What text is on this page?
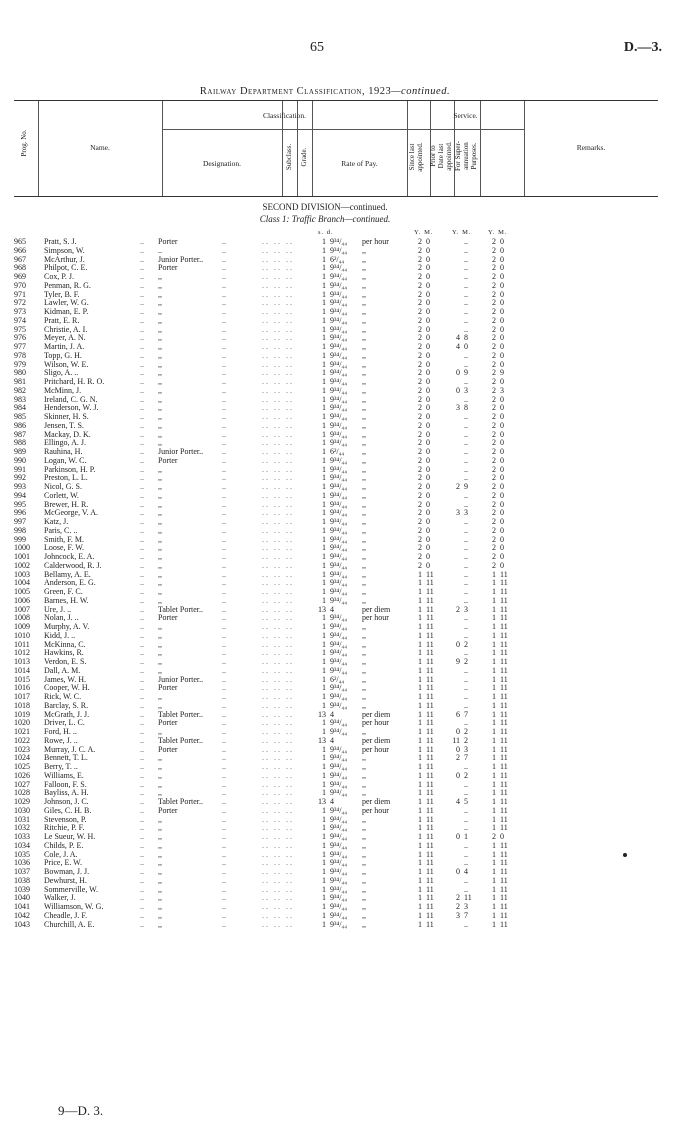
65	D.—3.
Railway Department Classification, 1923—continued.
Prog. No.	Name.
Classification.
Designation.	Subclass. Grade.	Rate of Pay.
Service.
Since last
appointed. Prior to
Date last
appointed. For Super-
annuation
Purposes.	Remarks.
SECOND DIVISION—continued.
Class 1: Traffic Branch—continued.
s. d.	Y. M.	Y. M.	Y. M.
965	Pratt, S. J.	Porter	1 9³⁴/₄₄	per hour	2 0	..	2 0
..	..	.. .. ..
966	Simpson, W.	..	1 9³⁴/₄₄	,,	2 0	..	2 0
..	..	.. .. ..
967	McArthur, J.	Junior Porter..	1 6²/₄₄	,,	2 0	..	2 0
..	..	.. .. ..
968	Philpot, C. E.	Porter	1 9³⁴/₄₄	,,	2 0	..	2 0
..	..	.. .. ..
969	Cox, P. J.	,,	1 9³⁴/₄₄	,,	2 0	..	2 0
..	..	.. .. ..
970	Penman, R. G.	,,	1 9³⁴/₄₄	,,	2 0	..	2 0
..	..	.. .. ..
971	Tyler, B. F.	,,	1 9³⁴/₄₄	,,	2 0	..	2 0
..	..	.. .. ..
972	Lawler, W. G.	,,	1 9³⁴/₄₄	,,	2 0	..	2 0
..	..	.. .. ..
973	Kidman, E. P.	,,	1 9³⁴/₄₄	,,	2 0	..	2 0
..	..	.. .. ..
974	Pratt, E. R.	,,	1 9³⁴/₄₄	,,	2 0	..	2 0
..	..	.. .. ..
975	Christie, A. I.	,,	1 9³⁴/₄₄	,,	2 0	..	2 0
..	..	.. .. ..
976	Meyer, A. N.	,,	1 9³⁴/₄₄	,,	2 0	4 8	2 0
..	..	.. .. ..
977	Martin, J. A.	,,	1 9³⁴/₄₄	,,	2 0	4 0	2 0
..	..	.. .. ..
978	Topp, G. H.	,,	1 9³⁴/₄₄	,,	2 0	..	2 0
..	..	.. .. ..
979	Wilson, W. E.	,,	1 9³⁴/₄₄	,,	2 0	..	2 0
..	..	.. .. ..
980	Sligo, A. ..	,,	1 9³⁴/₄₄	,,	2 0	0 9	2 9
..	..	.. .. ..
981	Pritchard, H. R. O.	,,	1 9³⁴/₄₄	,,	2 0	..	2 0
..	..	.. .. ..
982	McMinn, J.	,,	1 9³⁴/₄₄	,,	2 0	0 3	2 3
..	..	.. .. ..
983	Ireland, C. G. N.	,,	1 9³⁴/₄₄	,,	2 0	..	2 0
..	..	.. .. ..
984	Henderson, W. J.	,,	1 9³⁴/₄₄	,,	2 0	3 8	2 0
..	..	.. .. ..
985	Skinner, H. S.	,,	1 9³⁴/₄₄	,,	2 0	..	2 0
..	..	.. .. ..
986	Jensen, T. S.	,,	1 9³⁴/₄₄	,,	2 0	..	2 0
..	..	.. .. ..
987	Mackay, D. K.	,,	1 9³⁴/₄₄	,,	2 0	..	2 0
..	..	.. .. ..
988	Ellingo, A. J.	,,	1 9³⁴/₄₄	,,	2 0	..	2 0
..	..	.. .. ..
989	Rauhina, H.	Junior Porter..	1 6²/₄₄	,,	2 0	..	2 0
..	..	.. .. ..
990	Logan, W. C.	Porter	1 9³⁴/₄₄	,,	2 0	..	2 0
..	..	.. .. ..
991	Parkinson, H. P.	,,	1 9³⁴/₄₄	,,	2 0	..	2 0
..	..	.. .. ..
992	Preston, L. L.	,,	1 9³⁴/₄₄	,,	2 0	..	2 0
..	..	.. .. ..
993	Nicol, G. S.	,,	1 9³⁴/₄₄	,,	2 0	2 9	2 0
..	..	.. .. ..
994	Corlett, W.	,,	1 9³⁴/₄₄	,,	2 0	..	2 0
..	..	.. .. ..
995	Brewer, H. R.	,,	1 9³⁴/₄₄	,,	2 0	..	2 0
..	..	.. .. ..
996	McGeorge, V. A.	,,	1 9³⁴/₄₄	,,	2 0	3 3	2 0
..	..	.. .. ..
997	Katz, J.	,,	1 9³⁴/₄₄	,,	2 0	..	2 0
..	..	.. .. ..
998	Paris, C. ..	,,	1 9³⁴/₄₄	,,	2 0	..	2 0
..	..	.. .. ..
999	Smith, F. M.	,,	1 9³⁴/₄₄	,,	2 0	..	2 0
..	..	.. .. ..
1000	Loose, F. W.	,,	1 9³⁴/₄₄	,,	2 0	..	2 0
..	..	.. .. ..
1001	Johncock, E. A.	,,	1 9³⁴/₄₄	,,	2 0	..	2 0
..	..	.. .. ..
1002	Calderwood, R. J.	,,	1 9³⁴/₄₄	,,	2 0	..	2 0
..	..	.. .. ..
1003	Bellamy, A. E.	,,	1 9³⁴/₄₄	,,	1 11	..	1 11
..	..	.. .. ..
1004	Anderson, E. G.	,,	1 9³⁴/₄₄	,,	1 11	..	1 11
..	..	.. .. ..
1005	Green, F. C.	,,	1 9³⁴/₄₄	,,	1 11	..	1 11
..	..	.. .. ..
1006	Barnes, H. W.	,,	1 9³⁴/₄₄	,,	1 11	..	1 11
..	..	.. .. ..
1007	Ure, J. ..	Tablet Porter..	13 4	per diem	1 11	2 3	1 11
..	..	.. .. ..
1008	Nolan, J. ..	Porter	1 9³⁴/₄₄	per hour	1 11	..	1 11
..	..	.. .. ..
1009	Murphy, A. V.	,,	1 9³⁴/₄₄	,,	1 11	..	1 11
..	..	.. .. ..
1010	Kidd, J. ..	,,	1 9³⁴/₄₄	,,	1 11	..	1 11
..	..	.. .. ..
1011	McKinna, C.	,,	1 9³⁴/₄₄	,,	1 11	0 2	1 11
..	..	.. .. ..
1012	Hawkins, R.	,,	1 9³⁴/₄₄	,,	1 11	..	1 11
..	..	.. .. ..
1013	Verdon, E. S.	,,	1 9³⁴/₄₄	,,	1 11	9 2	1 11
..	..	.. .. ..
1014	Dall, A. M.	,,	1 9³⁴/₄₄	,,	1 11	..	1 11
..	..	.. .. ..
1015	James, W. H.	Junior Porter..	1 6²/₄₄	,,	1 11	..	1 11
..	..	.. .. ..
1016	Cooper, W. H.	Porter	1 9³⁴/₄₄	,,	1 11	..	1 11
..	..	.. .. ..
1017	Rick, W. C.	,,	1 9³⁴/₄₄	,,	1 11	..	1 11
..	..	.. .. ..
1018	Barclay, S. R.	,,	1 9³⁴/₄₄	,,	1 11	..	1 11
..	..	.. .. ..
1019	McGrath, J. J.	Tablet Porter..	13 4	per diem	1 11	6 7	1 11
..	..	.. .. ..
1020	Driver, L. C.	Porter	1 9³⁴/₄₄	per hour	1 11	..	1 11
..	..	.. .. ..
1021	Ford, H. ..	,,	1 9³⁴/₄₄	,,	1 11	0 2	1 11
..	..	.. .. ..
1022	Rowe, J. ..	Tablet Porter..	13 4	per diem	1 11	11 2	1 11
..	..	.. .. ..
1023	Murray, J. C. A.	Porter	1 9³⁴/₄₄	per hour	1 11	0 3	1 11
..	..	.. .. ..
1024	Bennett, T. L.	,,	1 9³⁴/₄₄	,,	1 11	2 7	1 11
..	..	.. .. ..
1025	Berry, T. ..	,,	1 9³⁴/₄₄	,,	1 11	..	1 11
..	..	.. .. ..
1026	Williams, E.	,,	1 9³⁴/₄₄	,,	1 11	0 2	1 11
..	..	.. .. ..
1027	Falloon, F. S.	,,	1 9³⁴/₄₄	,,	1 11	..	1 11
..	..	.. .. ..
1028	Bayliss, A. H.	,,	1 9³⁴/₄₄	,,	1 11	..	1 11
..	..	.. .. ..
1029	Johnson, J. C.	Tablet Porter..	13 4	per diem	1 11	4 5	1 11
..	..	.. .. ..
1030	Giles, C. H. B.	Porter	1 9³⁴/₄₄	per hour	1 11	..	1 11
..	..	.. .. ..
1031	Stevenson, P.	,,	1 9³⁴/₄₄	,,	1 11	..	1 11
..	..	.. .. ..
1032	Ritchie, P. F.	,,	1 9³⁴/₄₄	,,	1 11	..	1 11
..	..	.. .. ..
1033	Le Sueur, W. H.	,,	1 9³⁴/₄₄	,,	1 11	0 1	2 0
..	..	.. .. ..
1034	Childs, P. E.	,,	1 9³⁴/₄₄	,,	1 11	..	1 11
..	..	.. .. ..
1035	Cole, J. A.	,,	1 9³⁴/₄₄	,,	1 11	..	1 11
..	..	.. .. ..
1036	Price, E. W.	,,	1 9³⁴/₄₄	,,	1 11	..	1 11
..	..	.. .. ..
1037	Bowman, J. J.	,,	1 9³⁴/₄₄	,,	1 11	0 4	1 11
..	..	.. .. ..
1038	Dewhurst, H.	,,	1 9³⁴/₄₄	,,	1 11	..	1 11
..	..	.. .. ..
1039	Sommerville, W.	,,	1 9³⁴/₄₄	,,	1 11	..	1 11
..	..	.. .. ..
1040	Walker, J.	,,	1 9³⁴/₄₄	,,	1 11	2 11	1 11
..	..	.. .. ..
1041	Williamson, W. G.	,,	1 9³⁴/₄₄	,,	1 11	2 3	1 11
..	..	.. .. ..
1042	Cheadle, J. F.	,,	1 9³⁴/₄₄	,,	1 11	3 7	1 11
..	..	.. .. ..
1043	Churchill, A. E.	,,	1 9³⁴/₄₄	,,	1 11	..	1 11
..	..	.. .. ..
9—D. 3.
